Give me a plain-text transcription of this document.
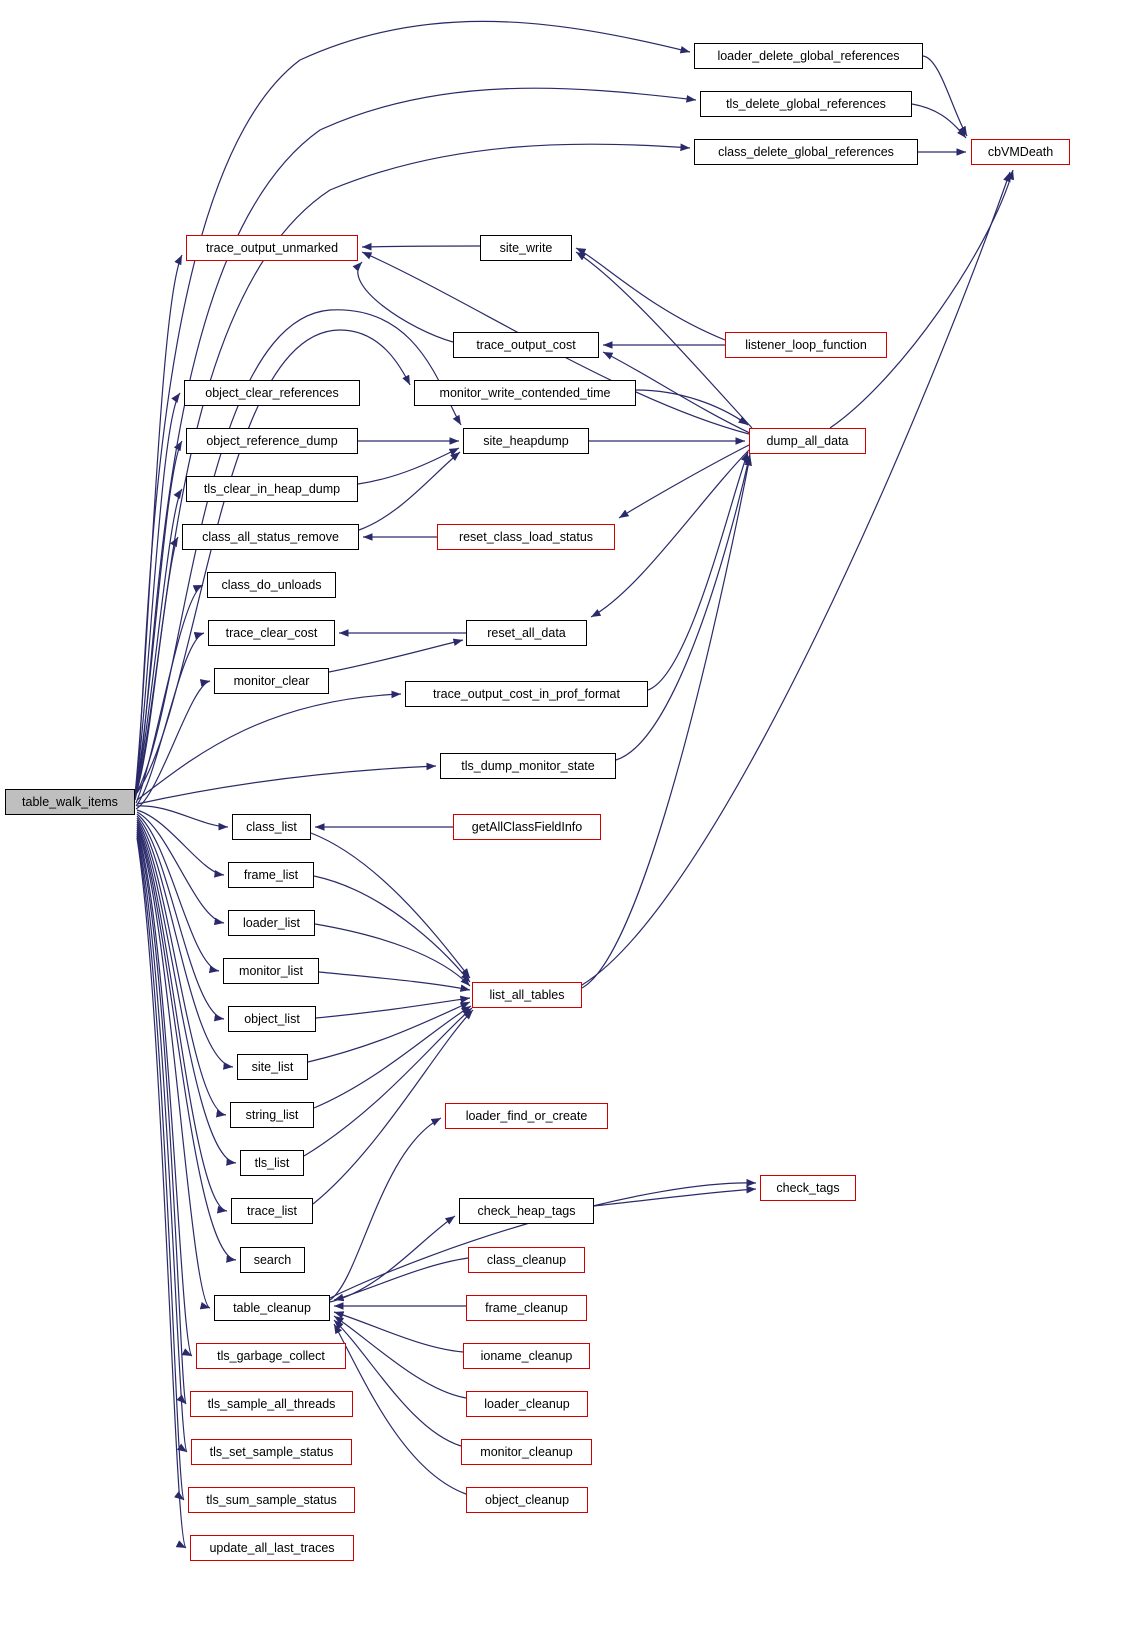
table_walk_items
loader_delete_global_references
tls_delete_global_references
class_delete_global_references	cbVMDeath
trace_output_unmarked	site_write
trace_output_cost	listener_loop_function
object_clear_references	monitor_write_contended_time
object_reference_dump	site_heapdump	dump_all_data
tls_clear_in_heap_dump
class_all_status_remove	reset_class_load_status
class_do_unloads
trace_clear_cost	reset_all_data
monitor_clear
trace_output_cost_in_prof_format
tls_dump_monitor_state
class_list	getAllClassFieldInfo
frame_list
loader_list
monitor_list
object_list
site_list
string_list
list_all_tables
tls_list
trace_list
search
loader_find_or_create
check_heap_tags
check_tags
class_cleanup
table_cleanup	frame_cleanup
ioname_cleanup
tls_garbage_collect
loader_cleanup
tls_sample_all_threads
monitor_cleanup
tls_set_sample_status
object_cleanup
tls_sum_sample_status
update_all_last_traces
